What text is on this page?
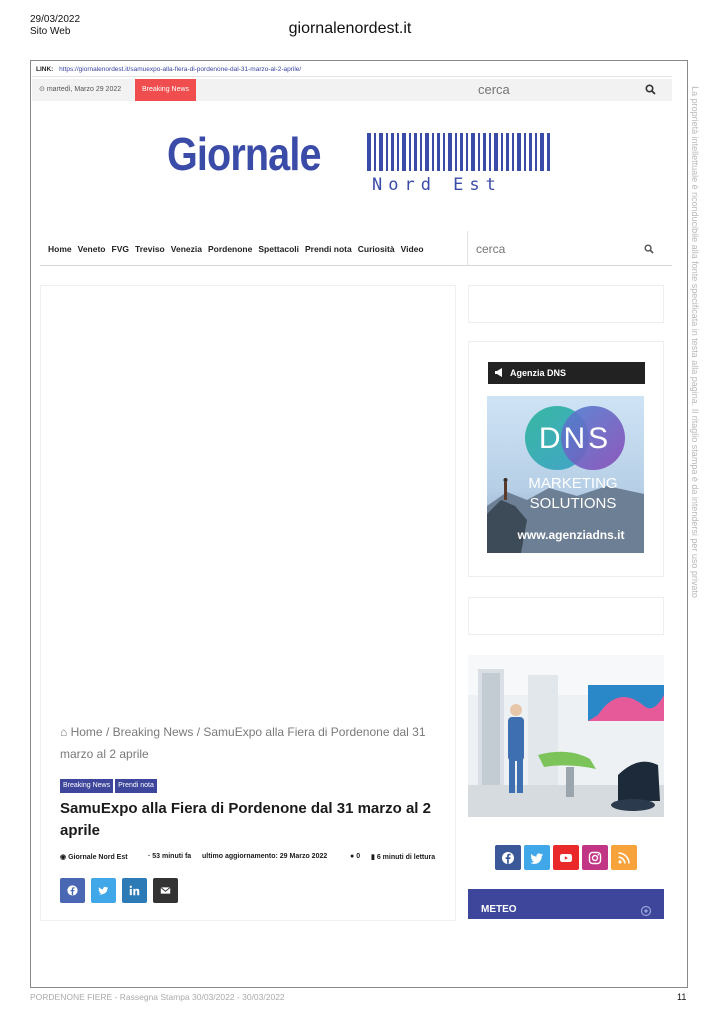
29/03/2022
Sito Web	giornalenordest.it
La proprietà intellettuale è riconducibile alla fonte specificata in testa alla pagina. Il ritaglio stampa è da intendersi per uso privato
LINK: https://giornalenordest.it/samuexpo-alla-fiera-di-pordenone-dal-31-marzo-al-2-aprile/
⊙ martedì, Marzo 29 2022	Breaking News
cerca
Giornale
Nord Est
Home Veneto FVG Treviso Venezia Pordenone Spettacoli Prendi nota Curiosità Video
cerca
Agenzia DNS
DNS
MARKETING
SOLUTIONS
www.agenziadns.it
METEO
⌂ Home / Breaking News / SamuExpo alla Fiera di Pordenone dal 31 marzo al 2 aprile
Breaking News	Prendi nota
SamuExpo alla Fiera di Pordenone dal 31 marzo al 2 aprile
◉ Giornale Nord Est	· 53 minuti fa ultimo aggiornamento: 29 Marzo 2022	● 0 ▮ 6 minuti di lettura
PORDENONE FIERE - Rassegna Stampa 30/03/2022 - 30/03/2022	11
